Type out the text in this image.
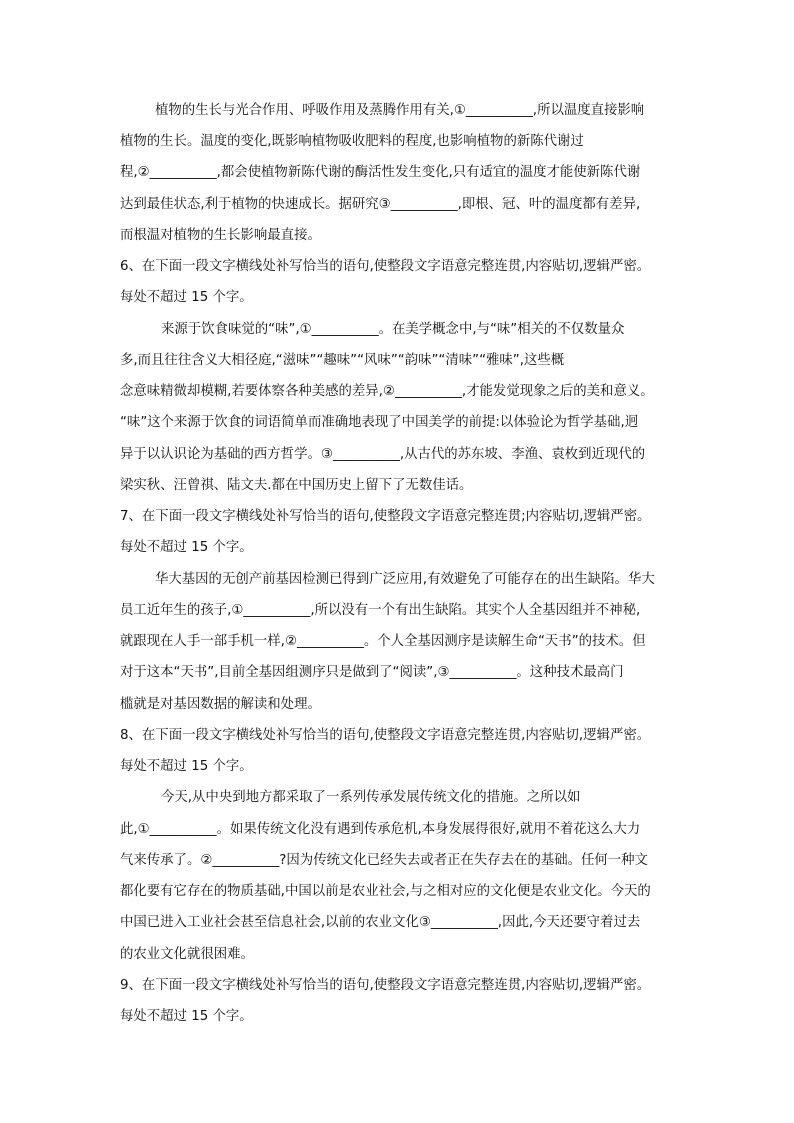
植物的生长与光合作用、呼吸作用及蒸腾作用有关,①__________,所以温度直接影响
植物的生长。温度的变化,既影响植物吸收肥料的程度,也影响植物的新陈代谢过
程,②__________,都会使植物新陈代谢的酶活性发生变化,只有适宜的温度才能使新陈代谢
达到最佳状态,利于植物的快速成长。据研究③__________,即根、冠、叶的温度都有差异,
而根温对植物的生长影响最直接。
6、在下面一段文字横线处补写恰当的语句,使整段文字语意完整连贯,内容贴切,逻辑严密。
每处不超过 15 个字。
来源于饮食味觉的“味”,①__________。在美学概念中,与“味”相关的不仅数量众
多,而且往往含义大相径庭,“滋味”“趣味”“风味”“韵味”“清味”“雅味”,这些概
念意味精微却模糊,若要体察各种美感的差异,②__________,才能发觉现象之后的美和意义。
“味”这个来源于饮食的词语简单而准确地表现了中国美学的前提:以体验论为哲学基础,迥
异于以认识论为基础的西方哲学。③__________,从古代的苏东坡、李渔、袁枚到近现代的
梁实秋、汪曾祺、陆文夫.都在中国历史上留下了无数佳话。
7、在下面一段文字横线处补写恰当的语句,使整段文字语意完整连贯;内容贴切,逻辑严密。
每处不超过 15 个字。
华大基因的无创产前基因检测已得到广泛应用,有效避免了可能存在的出生缺陷。华大
员工近年生的孩子,①__________,所以没有一个有出生缺陷。其实个人全基因组并不神秘,
就跟现在人手一部手机一样,②__________。个人全基因测序是读解生命“天书”的技术。但
对于这本“天书”,目前全基因组测序只是做到了“阅读”,③__________。这种技术最高门
槛就是对基因数据的解读和处理。
8、在下面一段文字横线处补写恰当的语句,使整段文字语意完整连贯,内容贴切,逻辑严密。
每处不超过 15 个字。
今天,从中央到地方都采取了一系列传承发展传统文化的措施。之所以如
此,①__________。如果传统文化没有遇到传承危机,本身发展得很好,就用不着花这么大力
气来传承了。②__________?因为传统文化已经失去或者正在失存去在的基础。任何一种文
都化要有它存在的物质基础,中国以前是农业社会,与之相对应的文化便是农业文化。今天的
中国已进入工业社会甚至信息社会,以前的农业文化③__________,因此,今天还要守着过去
的农业文化就很困难。
9、在下面一段文字横线处补写恰当的语句,使整段文字语意完整连贯,内容贴切,逻辑严密。
每处不超过 15 个字。
